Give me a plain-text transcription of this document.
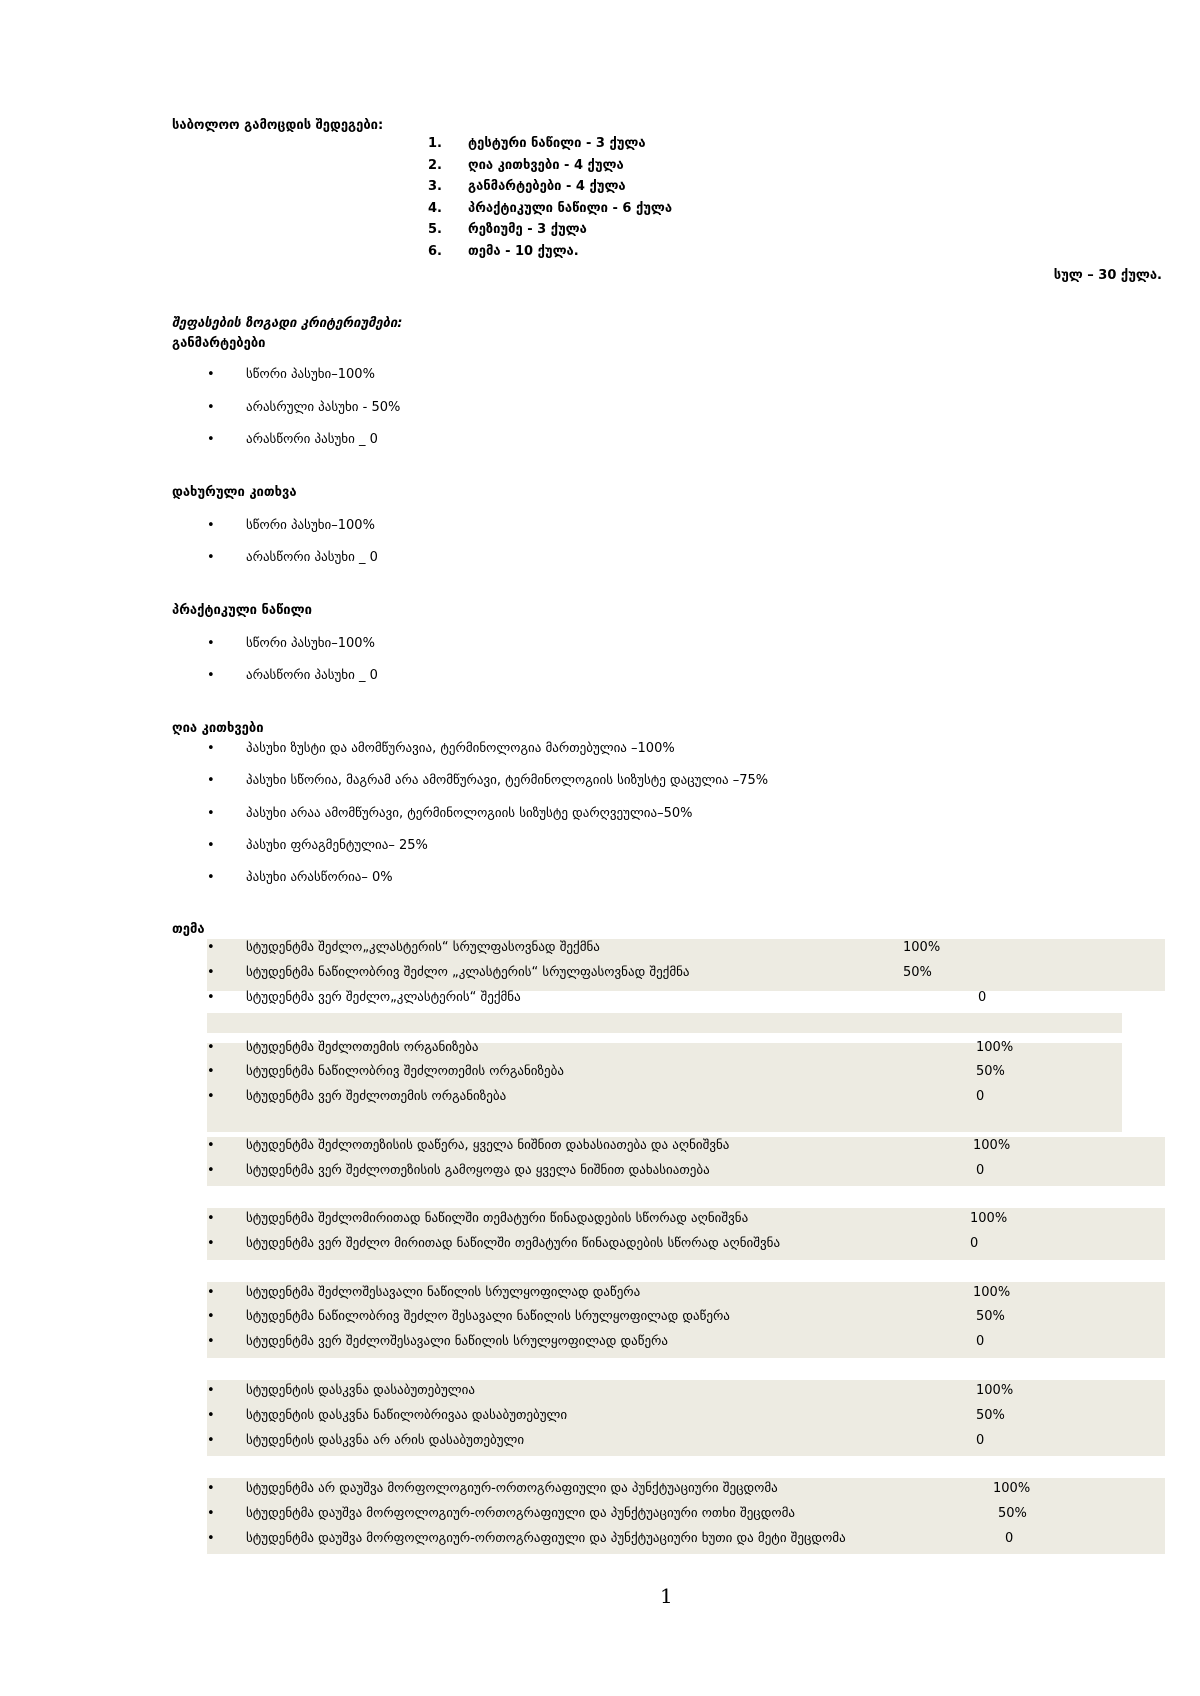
საბოლოო გამოცდის შედეგები:
1. ტესტური ნაწილი - 3 ქულა
2. ღია კითხვები - 4 ქულა
3. განმარტებები - 4 ქულა
4. პრაქტიკული ნაწილი - 6 ქულა
5. რეზიუმე - 3 ქულა
6. თემა - 10 ქულა.
სულ – 30 ქულა.
შეფასების ზოგადი კრიტერიუმები:
განმარტებები
• სწორი პასუხი–100%
• არასრული პასუხი - 50%
• არასწორი პასუხი _ 0
დახურული კითხვა
• სწორი პასუხი–100%
• არასწორი პასუხი _ 0
პრაქტიკული ნაწილი
• სწორი პასუხი–100%
• არასწორი პასუხი _ 0
ღია კითხვები
• პასუხი ზუსტი და ამომწურავია, ტერმინოლოგია მართებულია –100%
• პასუხი სწორია, მაგრამ არა ამომწურავი, ტერმინოლოგიის სიზუსტე დაცულია –75%
• პასუხი არაა ამომწურავი, ტერმინოლოგიის სიზუსტე დარღვეულია–50%
• პასუხი ფრაგმენტულია– 25%
• პასუხი არასწორია– 0%
თემა
• სტუდენტმა შეძლო„კლასტერის“ სრულფასოვნად შექმნა	100%
• სტუდენტმა ნაწილობრივ შეძლო „კლასტერის“ სრულფასოვნად შექმნა	50%
• სტუდენტმა ვერ შეძლო„კლასტერის“ შექმნა	0
• სტუდენტმა შეძლოთემის ორგანიზება	100%
• სტუდენტმა ნაწილობრივ შეძლოთემის ორგანიზება	50%
• სტუდენტმა ვერ შეძლოთემის ორგანიზება	0
• სტუდენტმა შეძლოთეზისის დაწერა, ყველა ნიშნით დახასიათება და აღნიშვნა	100%
• სტუდენტმა ვერ შეძლოთეზისის გამოყოფა და ყველა ნიშნით დახასიათება	0
• სტუდენტმა შეძლომირითად ნაწილში თემატური წინადადების სწორად აღნიშვნა	100%
• სტუდენტმა ვერ შეძლო მირითად ნაწილში თემატური წინადადების სწორად აღნიშვნა	0
• სტუდენტმა შეძლოშესავალი ნაწილის სრულყოფილად დაწერა	100%
• სტუდენტმა ნაწილობრივ შეძლო შესავალი ნაწილის სრულყოფილად დაწერა	50%
• სტუდენტმა ვერ შეძლოშესავალი ნაწილის სრულყოფილად დაწერა	0
• სტუდენტის დასკვნა დასაბუთებულია	100%
• სტუდენტის დასკვნა ნაწილობრივაა დასაბუთებული	50%
• სტუდენტის დასკვნა არ არის დასაბუთებული	0
• სტუდენტმა არ დაუშვა მორფოლოგიურ-ორთოგრაფიული და პუნქტუაციური შეცდომა	100%
• სტუდენტმა დაუშვა მორფოლოგიურ-ორთოგრაფიული და პუნქტუაციური ოთხი შეცდომა	50%
• სტუდენტმა დაუშვა მორფოლოგიურ-ორთოგრაფიული და პუნქტუაციური ხუთი და მეტი შეცდომა	0
1
